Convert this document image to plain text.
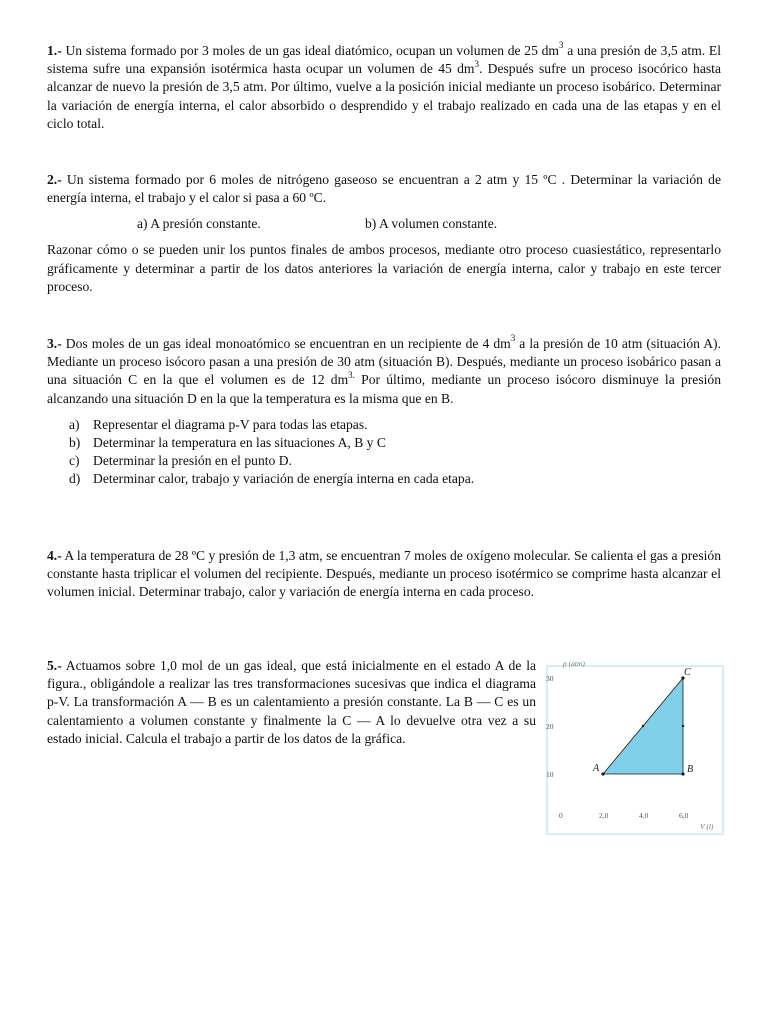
1.- Un sistema formado por 3 moles de un gas ideal diatómico, ocupan un volumen de 25 $dm^3$ a una presión de 3,5 atm. El sistema sufre una expansión isotérmica hasta ocupar un volumen de 45 $dm^3$. Después sufre un proceso isocórico hasta alcanzar de nuevo la presión de 3,5 atm. Por último, vuelve a la posición inicial mediante un proceso isobárico. Determinar la variación de energía interna, el calor absorbido o desprendido y el trabajo realizado en cada una de las etapas y en el ciclo total.

2.- Un sistema formado por 6 moles de nitrógeno gaseoso se encuentran a 2 atm y 15 ºC . Determinar la variación de energía interna, el trabajo y el calor si pasa a 60 ºC.

a) A presión constante.	b) A volumen constante.

Razonar cómo o se pueden unir los puntos finales de ambos procesos, mediante otro proceso cuasiestático, representarlo gráficamente y determinar a partir de los datos anteriores la variación de energía interna, calor y trabajo en este tercer proceso.

3.- Dos moles de un gas ideal monoatómico se encuentran en un recipiente de 4 $dm^3$ a la presión de 10 atm (situación A). Mediante un proceso isócoro pasan a una presión de 30 atm (situación B). Después, mediante un proceso isobárico pasan a una situación C en la que el volumen es de 12 $dm^{3.}$ Por último, mediante un proceso isócoro disminuye la presión alcanzando una situación D en la que la temperatura es la misma que en B.

a) Representar el diagrama p-V para todas las etapas.
b) Determinar la temperatura en las situaciones A, B y C
c) Determinar la presión en el punto D.
d) Determinar calor, trabajo y variación de energía interna en cada etapa.

4.- A la temperatura de 28 ºC y presión de 1,3 atm, se encuentran 7 moles de oxígeno molecular. Se calienta el gas a presión constante hasta triplicar el volumen del recipiente. Después, mediante un proceso isotérmico se comprime hasta alcanzar el volumen inicial. Determinar trabajo, calor y variación de energía interna en cada proceso.

5.- Actuamos sobre 1,0 mol de un gas ideal, que está inicialmente en el estado A de la figura., obligándole a realizar las tres transformaciones sucesivas que indica el diagrama p-V. La transformación A — B es un calentamiento a presión constante. La B — C es un calentamiento a volumen constante y finalmente la C — A lo devuelve otra vez a su estado inicial. Calcula el trabajo a partir de los datos de la gráfica.

p (atm)
V (l)
0	2,0	4,0	6,0
10
20
30
A	B
C
